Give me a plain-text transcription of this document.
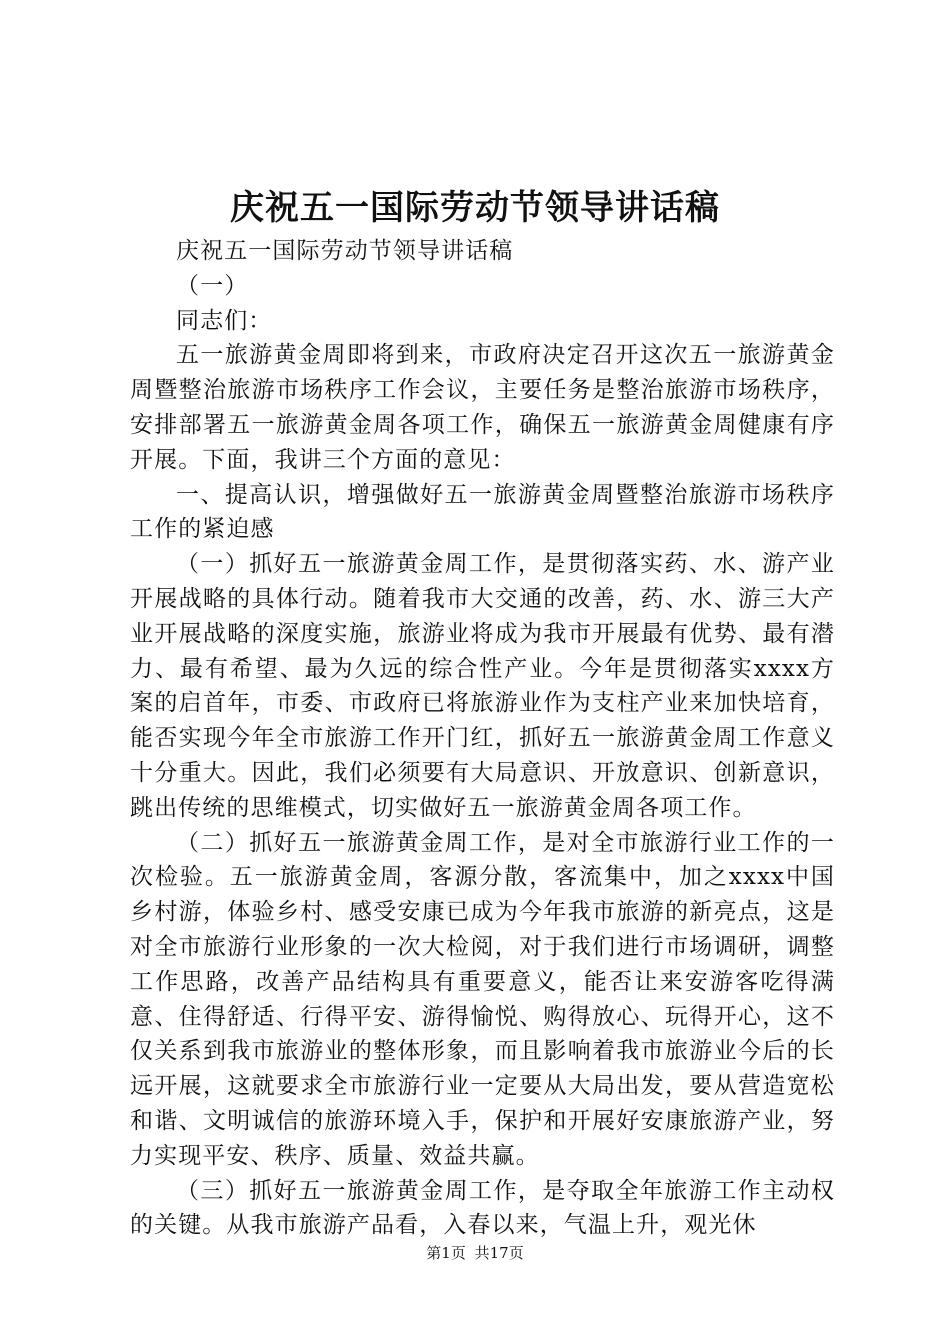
庆祝五一国际劳动节领导讲话稿

庆祝五一国际劳动节领导讲话稿

（一）

同志们：

五一旅游黄金周即将到来，市政府决定召开这次五一旅游黄金周暨整治旅游市场秩序工作会议，主要任务是整治旅游市场秩序，安排部署五一旅游黄金周各项工作，确保五一旅游黄金周健康有序开展。下面，我讲三个方面的意见：

一、提高认识，增强做好五一旅游黄金周暨整治旅游市场秩序工作的紧迫感

（一）抓好五一旅游黄金周工作，是贯彻落实药、水、游产业开展战略的具体行动。随着我市大交通的改善，药、水、游三大产业开展战略的深度实施，旅游业将成为我市开展最有优势、最有潜力、最有希望、最为久远的综合性产业。今年是贯彻落实xxxx方案的启首年，市委、市政府已将旅游业作为支柱产业来加快培育，能否实现今年全市旅游工作开门红，抓好五一旅游黄金周工作意义十分重大。因此，我们必须要有大局意识、开放意识、创新意识，跳出传统的思维模式，切实做好五一旅游黄金周各项工作。

（二）抓好五一旅游黄金周工作，是对全市旅游行业工作的一次检验。五一旅游黄金周，客源分散，客流集中，加之xxxx中国乡村游，体验乡村、感受安康已成为今年我市旅游的新亮点，这是对全市旅游行业形象的一次大检阅，对于我们进行市场调研，调整工作思路，改善产品结构具有重要意义，能否让来安游客吃得满意、住得舒适、行得平安、游得愉悦、购得放心、玩得开心，这不仅关系到我市旅游业的整体形象，而且影响着我市旅游业今后的长远开展，这就要求全市旅游行业一定要从大局出发，要从营造宽松和谐、文明诚信的旅游环境入手，保护和开展好安康旅游产业，努力实现平安、秩序、质量、效益共赢。

（三）抓好五一旅游黄金周工作，是夺取全年旅游工作主动权的关键。从我市旅游产品看，入春以来，气温上升，观光休

第1页 共17页
